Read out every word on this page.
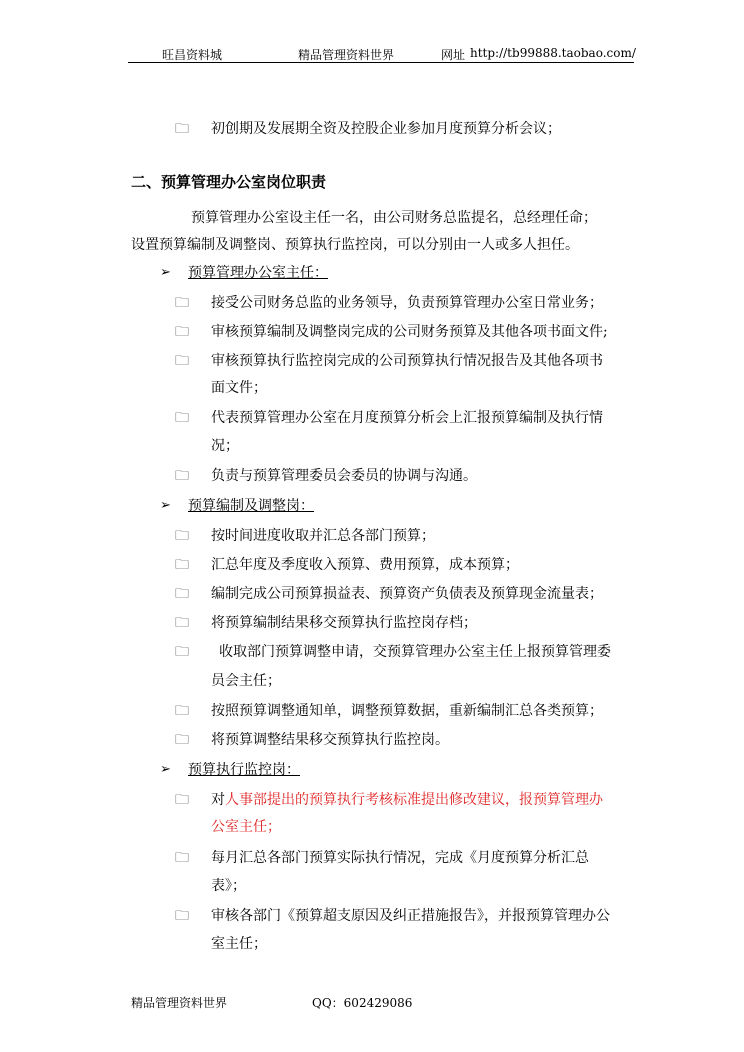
旺昌资料城	精品管理资料世界	网址 http://tb99888.taobao.com/
🗀 初创期及发展期全资及控股企业参加月度预算分析会议；
二、预算管理办公室岗位职责
预算管理办公室设主任一名，由公司财务总监提名，总经理任命；
设置预算编制及调整岗、预算执行监控岗，可以分别由一人或多人担任。
➢ 预算管理办公室主任：
🗀 接受公司财务总监的业务领导，负责预算管理办公室日常业务；
🗀 审核预算编制及调整岗完成的公司财务预算及其他各项书面文件;
🗀 审核预算执行监控岗完成的公司预算执行情况报告及其他各项书
面文件；
🗀 代表预算管理办公室在月度预算分析会上汇报预算编制及执行情
况；
🗀 负责与预算管理委员会委员的协调与沟通。
➢ 预算编制及调整岗：
🗀 按时间进度收取并汇总各部门预算；
🗀 汇总年度及季度收入预算、费用预算，成本预算；
🗀 编制完成公司预算损益表、预算资产负债表及预算现金流量表；
🗀 将预算编制结果移交预算执行监控岗存档；
🗀 收取部门预算调整申请，交预算管理办公室主任上报预算管理委
员会主任；
🗀 按照预算调整通知单，调整预算数据，重新编制汇总各类预算；
🗀 将预算调整结果移交预算执行监控岗。
➢ 预算执行监控岗：
🗀 对人事部提出的预算执行考核标准提出修改建议，报预算管理办
公室主任；
🗀 每月汇总各部门预算实际执行情况，完成《月度预算分析汇总
表》；
🗀 审核各部门《预算超支原因及纠正措施报告》，并报预算管理办公
室主任；
精品管理资料世界	QQ：602429086
